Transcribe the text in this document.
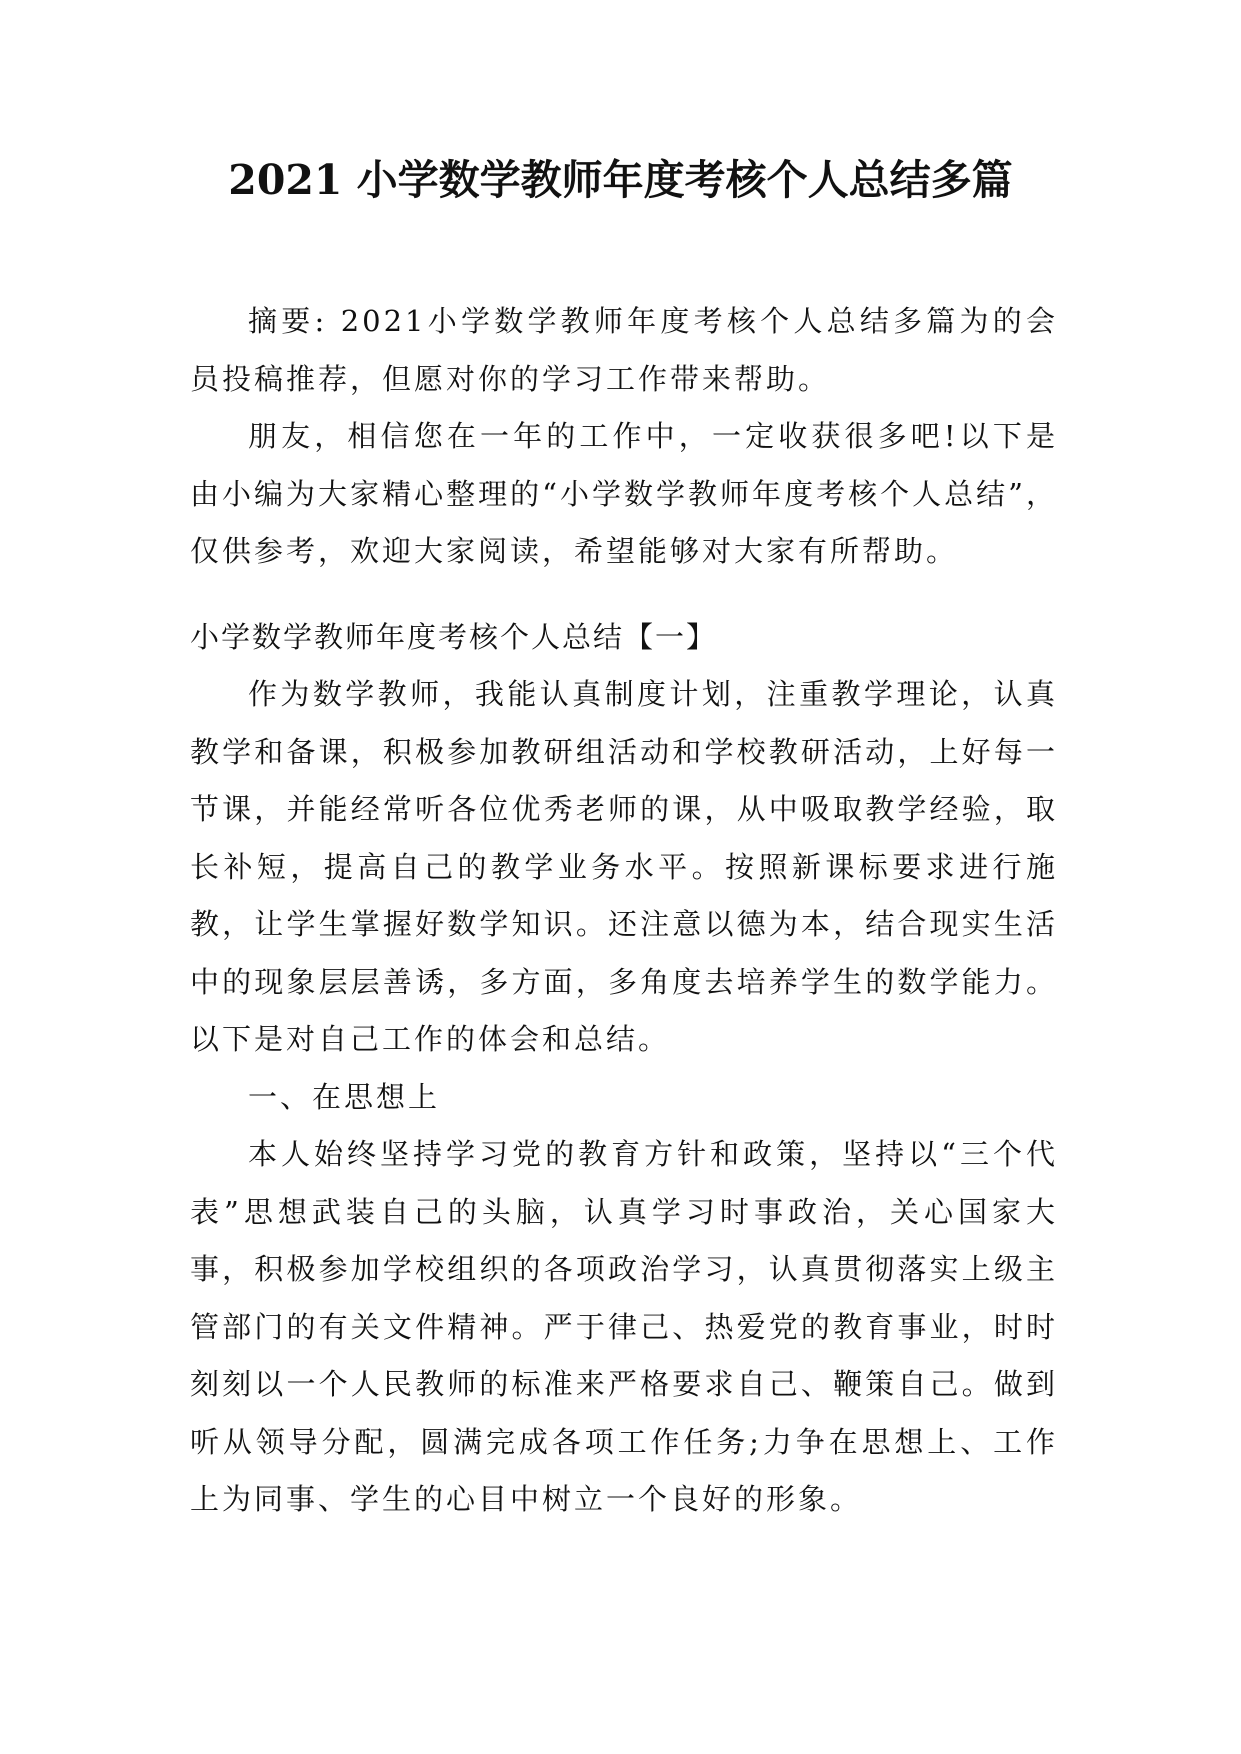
2021 小学数学教师年度考核个人总结多篇

摘要: 2021小学数学教师年度考核个人总结多篇为的会员投稿推荐，但愿对你的学习工作带来帮助。

朋友，相信您在一年的工作中，一定收获很多吧!以下是由小编为大家精心整理的“小学数学教师年度考核个人总结”，仅供参考，欢迎大家阅读，希望能够对大家有所帮助。

小学数学教师年度考核个人总结【一】

作为数学教师，我能认真制度计划，注重教学理论，认真教学和备课，积极参加教研组活动和学校教研活动，上好每一节课，并能经常听各位优秀老师的课，从中吸取教学经验，取长补短，提高自己的教学业务水平。按照新课标要求进行施教，让学生掌握好数学知识。还注意以德为本，结合现实生活中的现象层层善诱，多方面，多角度去培养学生的数学能力。以下是对自己工作的体会和总结。

一、在思想上

本人始终坚持学习党的教育方针和政策，坚持以“三个代表”思想武装自己的头脑，认真学习时事政治，关心国家大事，积极参加学校组织的各项政治学习，认真贯彻落实上级主管部门的有关文件精神。严于律己、热爱党的教育事业，时时刻刻以一个人民教师的标准来严格要求自己、鞭策自己。做到听从领导分配，圆满完成各项工作任务;力争在思想上、工作上为同事、学生的心目中树立一个良好的形象。
